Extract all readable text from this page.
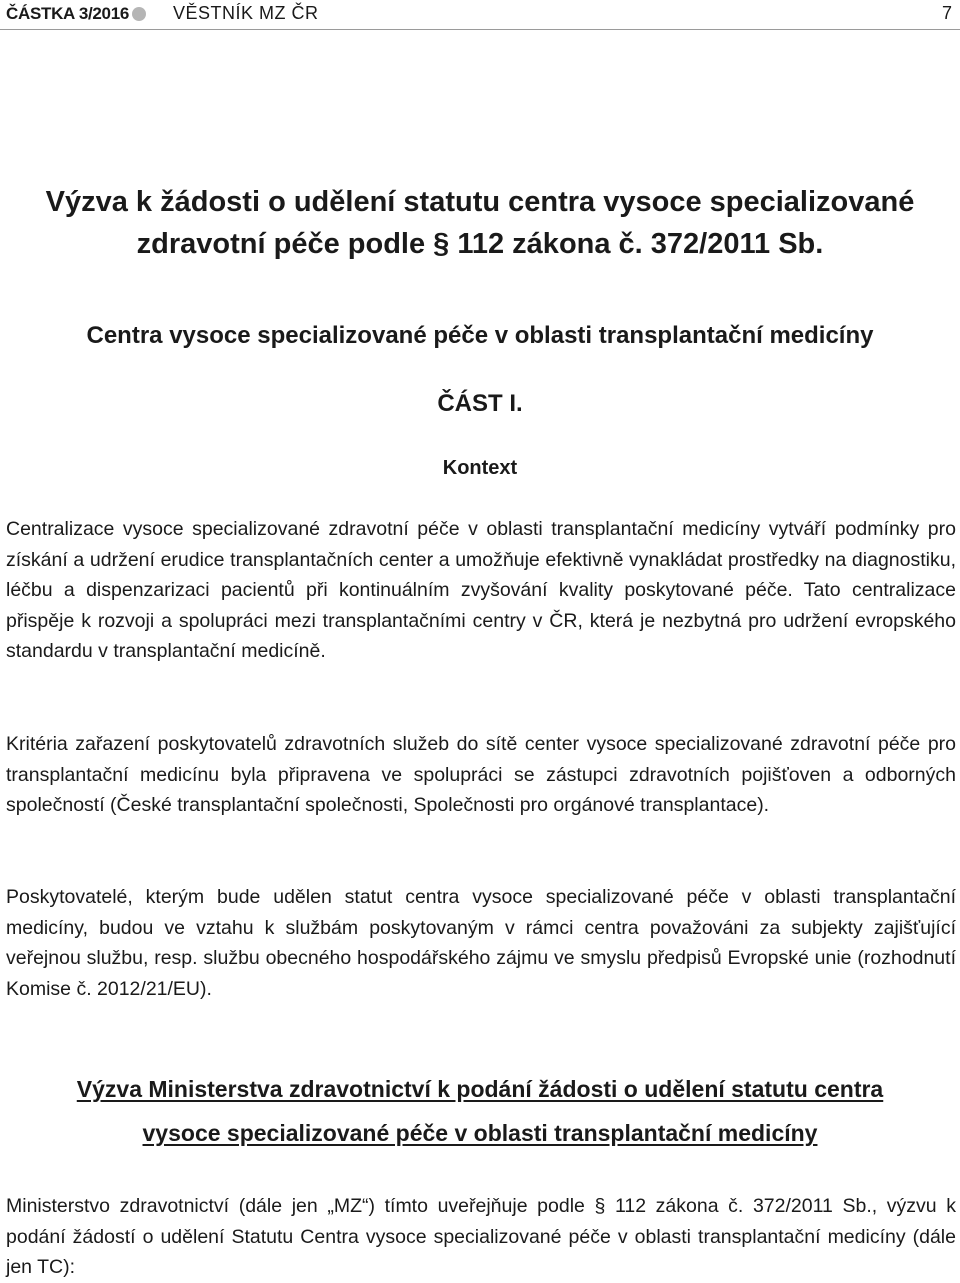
ČÁSTKA 3/2016 VĚSTNÍK MZ ČR	7
Výzva k žádosti o udělení statutu centra vysoce specializované
zdravotní péče podle § 112 zákona č. 372/2011 Sb.
Centra vysoce specializované péče v oblasti transplantační medicíny
ČÁST I.
Kontext

Centralizace vysoce specializované zdravotní péče v oblasti transplantační medicíny vytváří podmínky pro získání a udržení erudice transplantačních center a umožňuje efektivně vynakládat prostředky na diagnostiku, léčbu a dispenzarizaci pacientů při kontinuálním zvyšování kvality poskytované péče. Tato centralizace přispěje k rozvoji a spolupráci mezi transplantačními centry v ČR, která je nezbytná pro udržení evropského standardu v transplantační medicíně.

Kritéria zařazení poskytovatelů zdravotních služeb do sítě center vysoce specializované zdravotní péče pro transplantační medicínu byla připravena ve spolupráci se zástupci zdravotních pojišťoven a odborných společností (České transplantační společnosti, Společnosti pro orgánové transplantace).

Poskytovatelé, kterým bude udělen statut centra vysoce specializované péče v oblasti transplantační medicíny, budou ve vztahu k službám poskytovaným v rámci centra považováni za subjekty zajišťující veřejnou službu, resp. službu obecného hospodářského zájmu ve smyslu předpisů Evropské unie (rozhodnutí Komise č. 2012/21/EU).

Výzva Ministerstva zdravotnictví k podání žádosti o udělení statutu centra
vysoce specializované péče v oblasti transplantační medicíny

Ministerstvo zdravotnictví (dále jen „MZ“) tímto uveřejňuje podle § 112 zákona č. 372/2011 Sb., výzvu k podání žádostí o udělení Statutu Centra vysoce specializované péče v oblasti transplantační medicíny (dále jen TC):
